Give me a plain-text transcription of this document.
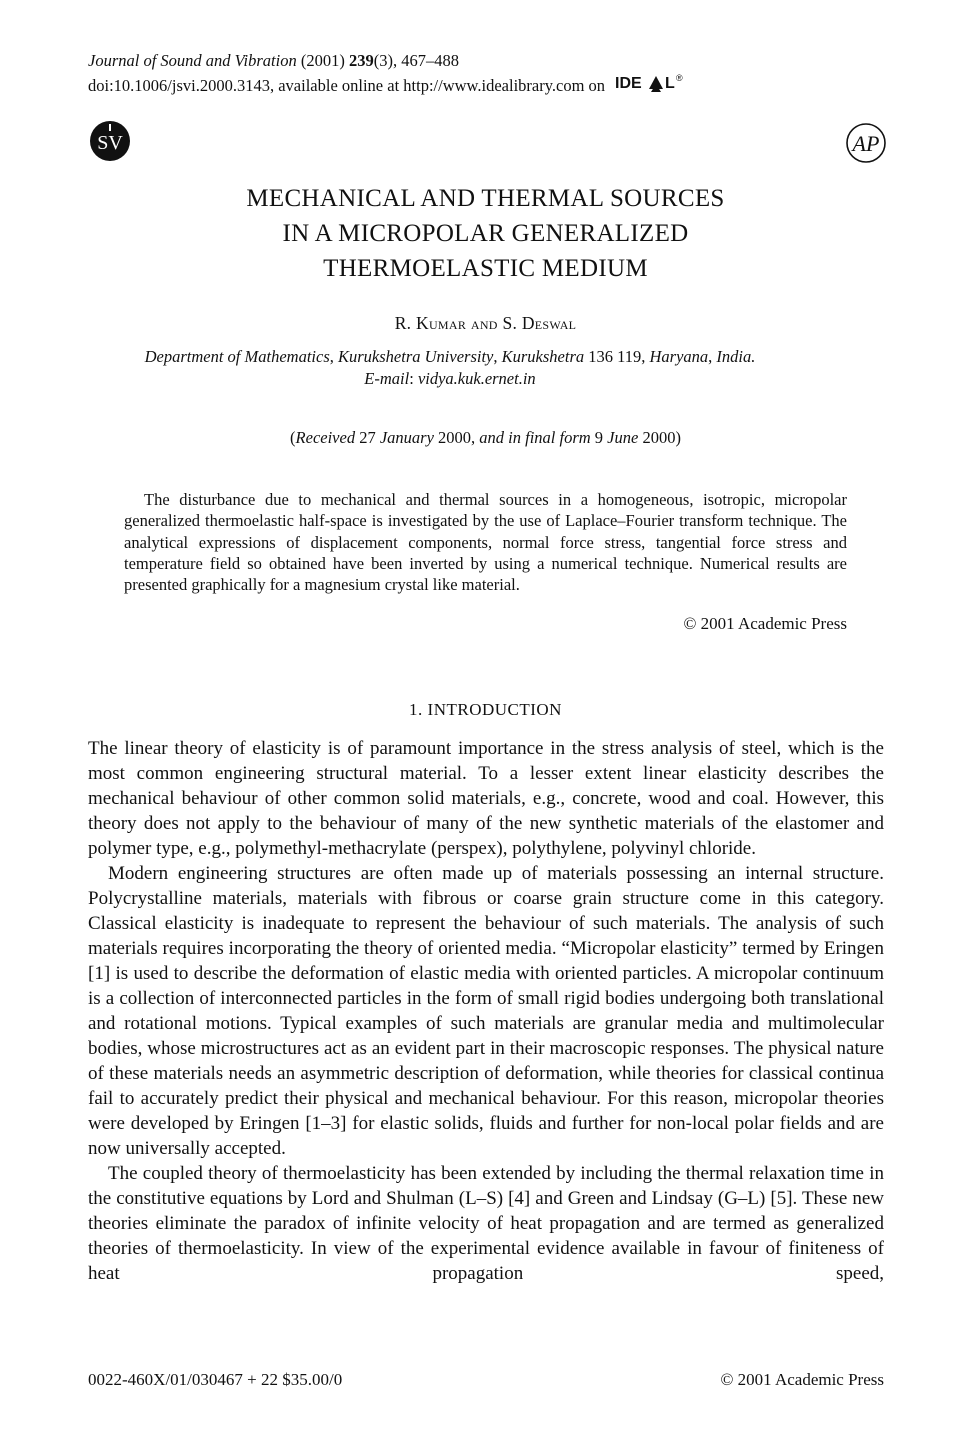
Journal of Sound and Vibration (2001) 239(3), 467–488
doi:10.1006/jsvi.2000.3143, available online at http://www.idealibrary.com on IDE L ®
SV	AP
MECHANICAL AND THERMAL SOURCES
IN A MICROPOLAR GENERALIZED
THERMOELASTIC MEDIUM
R. Kumar and S. Deswal
Department of Mathematics, Kurukshetra University, Kurukshetra 136 119, Haryana, India.
E-mail: vidya.kuk.ernet.in
(Received 27 January 2000, and in final form 9 June 2000)

The disturbance due to mechanical and thermal sources in a homogeneous, isotropic, micropolar generalized thermoelastic half-space is investigated by the use of Laplace–Fourier transform technique. The analytical expressions of displacement components, normal force stress, tangential force stress and temperature field so obtained have been inverted by using a numerical technique. Numerical results are presented graphically for a magnesium crystal like material.

© 2001 Academic Press
1. INTRODUCTION

The linear theory of elasticity is of paramount importance in the stress analysis of steel, which is the most common engineering structural material. To a lesser extent linear elasticity describes the mechanical behaviour of other common solid materials, e.g., concrete, wood and coal. However, this theory does not apply to the behaviour of many of the new synthetic materials of the elastomer and polymer type, e.g., polymethyl-methacrylate (perspex), polythylene, polyvinyl chloride.

Modern engineering structures are often made up of materials possessing an internal structure. Polycrystalline materials, materials with fibrous or coarse grain structure come in this category. Classical elasticity is inadequate to represent the behaviour of such materials. The analysis of such materials requires incorporating the theory of oriented media. “Micropolar elasticity” termed by Eringen [1] is used to describe the deformation of elastic media with oriented particles. A micropolar continuum is a collection of interconnected particles in the form of small rigid bodies undergoing both translational and rotational motions. Typical examples of such materials are granular media and multimolecular bodies, whose microstructures act as an evident part in their macroscopic responses. The physical nature of these materials needs an asymmetric description of deformation, while theories for classical continua fail to accurately predict their physical and mechanical behaviour. For this reason, micropolar theories were developed by Eringen [1–3] for elastic solids, fluids and further for non-local polar fields and are now universally accepted.

The coupled theory of thermoelasticity has been extended by including the thermal relaxation time in the constitutive equations by Lord and Shulman (L–S) [4] and Green and Lindsay (G–L) [5]. These new theories eliminate the paradox of infinite velocity of heat propagation and are termed as generalized theories of thermoelasticity. In view of the experimental evidence available in favour of finiteness of heat propagation speed,

0022-460X/01/030467 + 22 $35.00/0	© 2001 Academic Press
